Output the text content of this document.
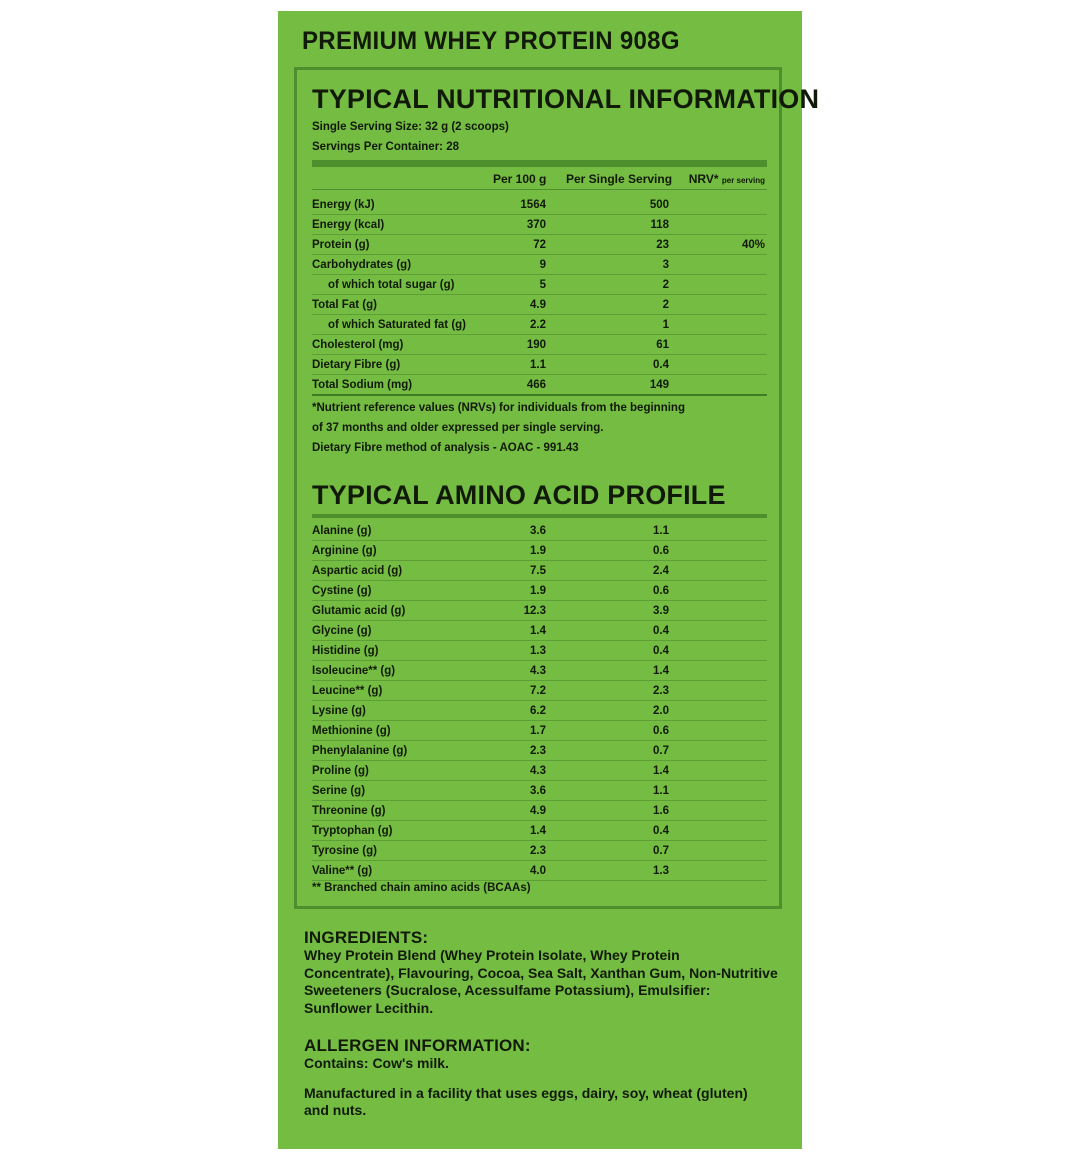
PREMIUM WHEY PROTEIN 908G
TYPICAL NUTRITIONAL INFORMATION
Single Serving Size: 32 g (2 scoops)
Servings Per Container: 28
Per 100 g Per Single Serving NRV* per serving
Energy (kJ)	1564	500
Energy (kcal)	370	118
Protein (g)	72	23	40%
Carbohydrates (g)	9	3
of which total sugar (g)	5	2
Total Fat (g)	4.9	2
of which Saturated fat (g)	2.2	1
Cholesterol (mg)	190	61
Dietary Fibre (g)	1.1	0.4
Total Sodium (mg)	466	149
*Nutrient reference values (NRVs) for individuals from the beginning
of 37 months and older expressed per single serving.
Dietary Fibre method of analysis - AOAC - 991.43
TYPICAL AMINO ACID PROFILE
Alanine (g)	3.6	1.1
Arginine (g)	1.9	0.6
Aspartic acid (g)	7.5	2.4
Cystine (g)	1.9	0.6
Glutamic acid (g)	12.3	3.9
Glycine (g)	1.4	0.4
Histidine (g)	1.3	0.4
Isoleucine** (g)	4.3	1.4
Leucine** (g)	7.2	2.3
Lysine (g)	6.2	2.0
Methionine (g)	1.7	0.6
Phenylalanine (g)	2.3	0.7
Proline (g)	4.3	1.4
Serine (g)	3.6	1.1
Threonine (g)	4.9	1.6
Tryptophan (g)	1.4	0.4
Tyrosine (g)	2.3	0.7
Valine** (g)	4.0	1.3
** Branched chain amino acids (BCAAs)
INGREDIENTS:

Whey Protein Blend (Whey Protein Isolate, Whey Protein

Concentrate), Flavouring, Cocoa, Sea Salt, Xanthan Gum, Non-Nutritive

Sweeteners (Sucralose, Acessulfame Potassium), Emulsifier:

Sunflower Lecithin.

ALLERGEN INFORMATION:

Contains: Cow's milk.

Manufactured in a facility that uses eggs, dairy, soy, wheat (gluten)

and nuts.
